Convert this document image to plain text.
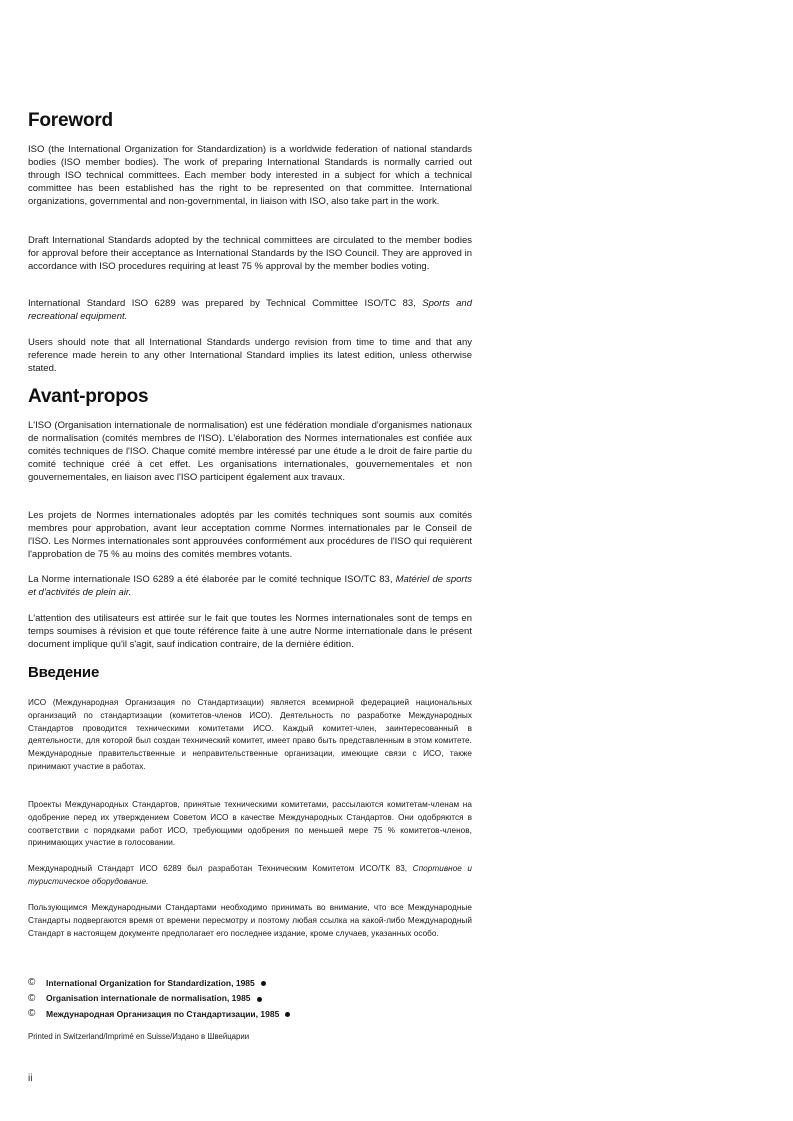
Foreword

ISO (the International Organization for Standardization) is a worldwide federation of national standards bodies (ISO member bodies). The work of preparing International Standards is normally carried out through ISO technical committees. Each member body interested in a subject for which a technical committee has been established has the right to be represented on that committee. International organizations, governmental and non-governmental, in liaison with ISO, also take part in the work.

Draft International Standards adopted by the technical committees are circulated to the member bodies for approval before their acceptance as International Standards by the ISO Council. They are approved in accordance with ISO procedures requiring at least 75 % approval by the member bodies voting.

International Standard ISO 6289 was prepared by Technical Committee ISO/TC 83, Sports and recreational equipment.

Users should note that all International Standards undergo revision from time to time and that any reference made herein to any other International Standard implies its latest edition, unless otherwise stated.

Avant-propos

L'ISO (Organisation internationale de normalisation) est une fédération mondiale d'organismes nationaux de normalisation (comités membres de l'ISO). L'élaboration des Normes internationales est confiée aux comités techniques de l'ISO. Chaque comité membre intéressé par une étude a le droit de faire partie du comité technique créé à cet effet. Les organisations internationales, gouvernementales et non gouvernementales, en liaison avec l'ISO participent également aux travaux.

Les projets de Normes internationales adoptés par les comités techniques sont soumis aux comités membres pour approbation, avant leur acceptation comme Normes internationales par le Conseil de l'ISO. Les Normes internationales sont approuvées conformément aux procédures de l'ISO qui requièrent l'approbation de 75 % au moins des comités membres votants.

La Norme internationale ISO 6289 a été élaborée par le comité technique ISO/TC 83, Matériel de sports et d'activités de plein air.

L'attention des utilisateurs est attirée sur le fait que toutes les Normes internationales sont de temps en temps soumises à révision et que toute référence faite à une autre Norme internationale dans le présent document implique qu'il s'agit, sauf indication contraire, de la dernière édition.

Введение

ИСО (Международная Организация по Стандартизации) является всемирной федерацией национальных организаций по стандартизации (комитетов-членов ИСО). Деятельность по разработке Международных Стандартов проводится техническими комитетами ИСО. Каждый комитет-член, заинтересованный в деятельности, для которой был создан технический комитет, имеет право быть представленным в этом комитете. Международные правительственные и неправительственные организации, имеющие связи с ИСО, также принимают участие в работах.

Проекты Международных Стандартов, принятые техническими комитетами, рассылаются комитетам-членам на одобрение перед их утверждением Советом ИСО в качестве Международных Стандартов. Они одобряются в соответствии с порядками работ ИСО, требующими одобрения по меньшей мере 75 % комитетов-членов, принимающих участие в голосовании.

Международный Стандарт ИСО 6289 был разработан Техническим Комитетом ИСО/ТК 83, Спортивное и туристическое оборудование.

Пользующимся Международными Стандартами необходимо принимать во внимание, что все Международные Стандарты подвергаются время от времени пересмотру и поэтому любая ссылка на какой-либо Международный Стандарт в настоящем документе предполагает его последнее издание, кроме случаев, указанных особо.

©	International Organization for Standardization, 1985
©	Organisation internationale de normalisation, 1985
©	Международная Организация по Стандартизации, 1985
Printed in Switzerland/Imprimé en Suisse/Издано в Швейцарии
ii
